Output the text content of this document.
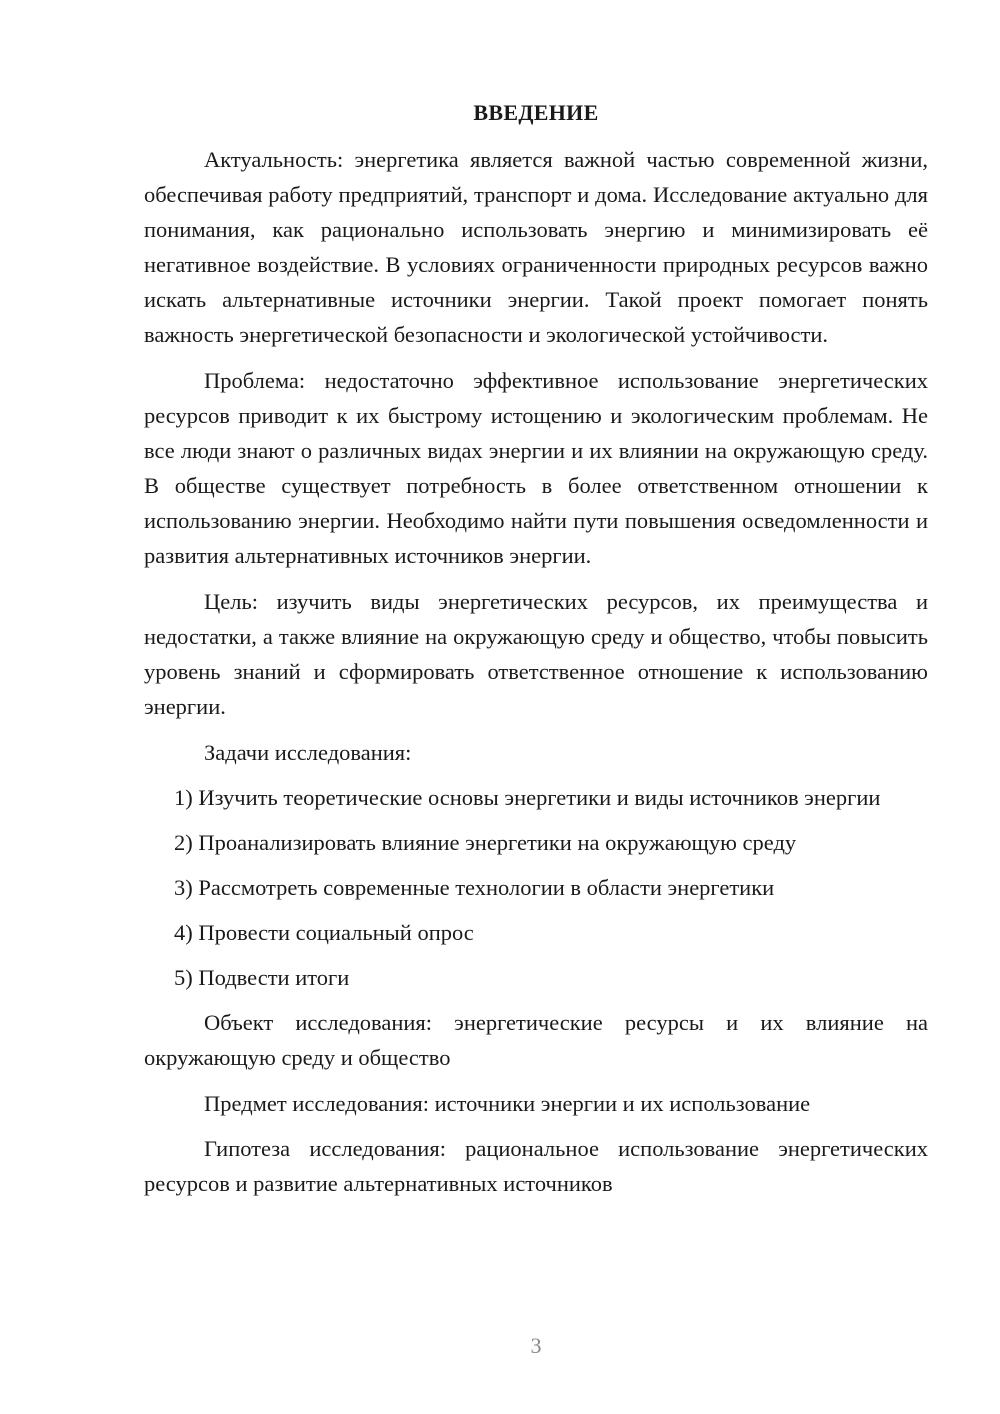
ВВЕДЕНИЕ

Актуальность: энергетика является важной частью современной жизни, обеспечивая работу предприятий, транспорт и дома. Исследование актуально для понимания, как рационально использовать энергию и минимизировать её негативное воздействие. В условиях ограниченности природных ресурсов важно искать альтернативные источники энергии. Такой проект помогает понять важность энергетической безопасности и экологической устойчивости.

Проблема: недостаточно эффективное использование энергетических ресурсов приводит к их быстрому истощению и экологическим проблемам. Не все люди знают о различных видах энергии и их влиянии на окружающую среду. В обществе существует потребность в более ответственном отношении к использованию энергии. Необходимо найти пути повышения осведомленности и развития альтернативных источников энергии.

Цель: изучить виды энергетических ресурсов, их преимущества и недостатки, а также влияние на окружающую среду и общество, чтобы повысить уровень знаний и сформировать ответственное отношение к использованию энергии.

Задачи исследования:

1) Изучить теоретические основы энергетики и виды источников энергии

2) Проанализировать влияние энергетики на окружающую среду

3) Рассмотреть современные технологии в области энергетики

4) Провести социальный опрос

5) Подвести итоги

Объект исследования: энергетические ресурсы и их влияние на окружающую среду и общество

Предмет исследования: источники энергии и их использование

Гипотеза исследования: рациональное использование энергетических ресурсов и развитие альтернативных источников

3
